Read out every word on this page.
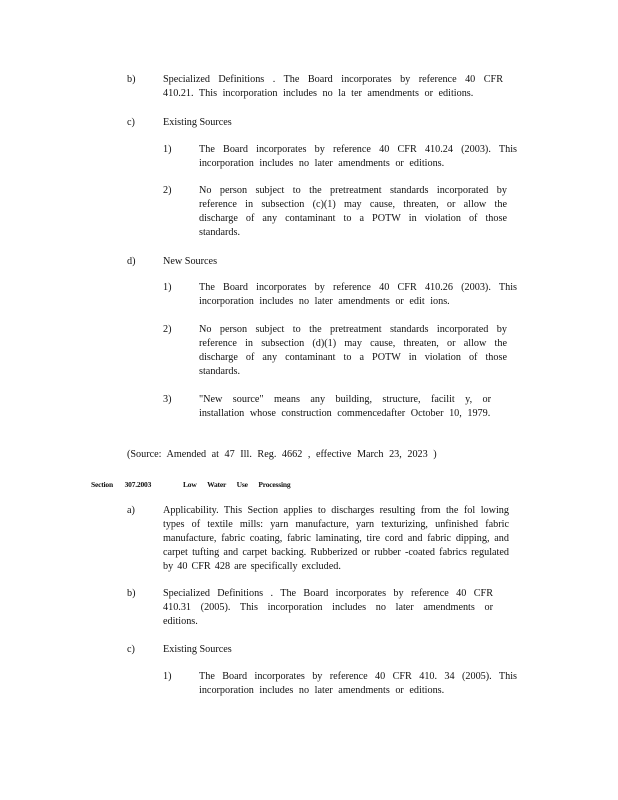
b)	Specialized Definitions . The Board incorporates by reference 40 CFR 410.21. This incorporation includes no la ter amendments or editions.
c)	Existing Sources
1)	The Board incorporates by reference 40 CFR 410.24 (2003). This incorporation includes no later amendments or editions.
2)	No person subject to the pretreatment standards incorporated by reference in subsection (c)(1) may cause, threaten, or allow the discharge of any contaminant to a POTW in violation of those standards.
d)	New Sources
1)	The Board incorporates by reference 40 CFR 410.26 (2003). This incorporation includes no later amendments or edit ions.
2)	No person subject to the pretreatment standards incorporated by reference in subsection (d)(1) may cause, threaten, or allow the discharge of any contaminant to a POTW in violation of those standards.
3)	"New source" means any building, structure, facilit y, or installation whose construction commencedafter October 10, 1979.
(Source: Amended at 47 Ill. Reg. 4662 , effective March 23, 2023 )
Section 307.2003	Low Water Use Processing
a)	Applicability. This Section applies to discharges resulting from the fol lowing types of textile mills: yarn manufacture, yarn texturizing, unfinished fabric manufacture, fabric coating, fabric laminating, tire cord and fabric dipping, and carpet tufting and carpet backing. Rubberized or rubber -coated fabrics regulated by 40 CFR 428 are specifically excluded.
b)	Specialized Definitions . The Board incorporates by reference 40 CFR 410.31 (2005). This incorporation includes no later amendments or editions.
c)	Existing Sources
1)	The Board incorporates by reference 40 CFR 410. 34 (2005). This incorporation includes no later amendments or editions.
